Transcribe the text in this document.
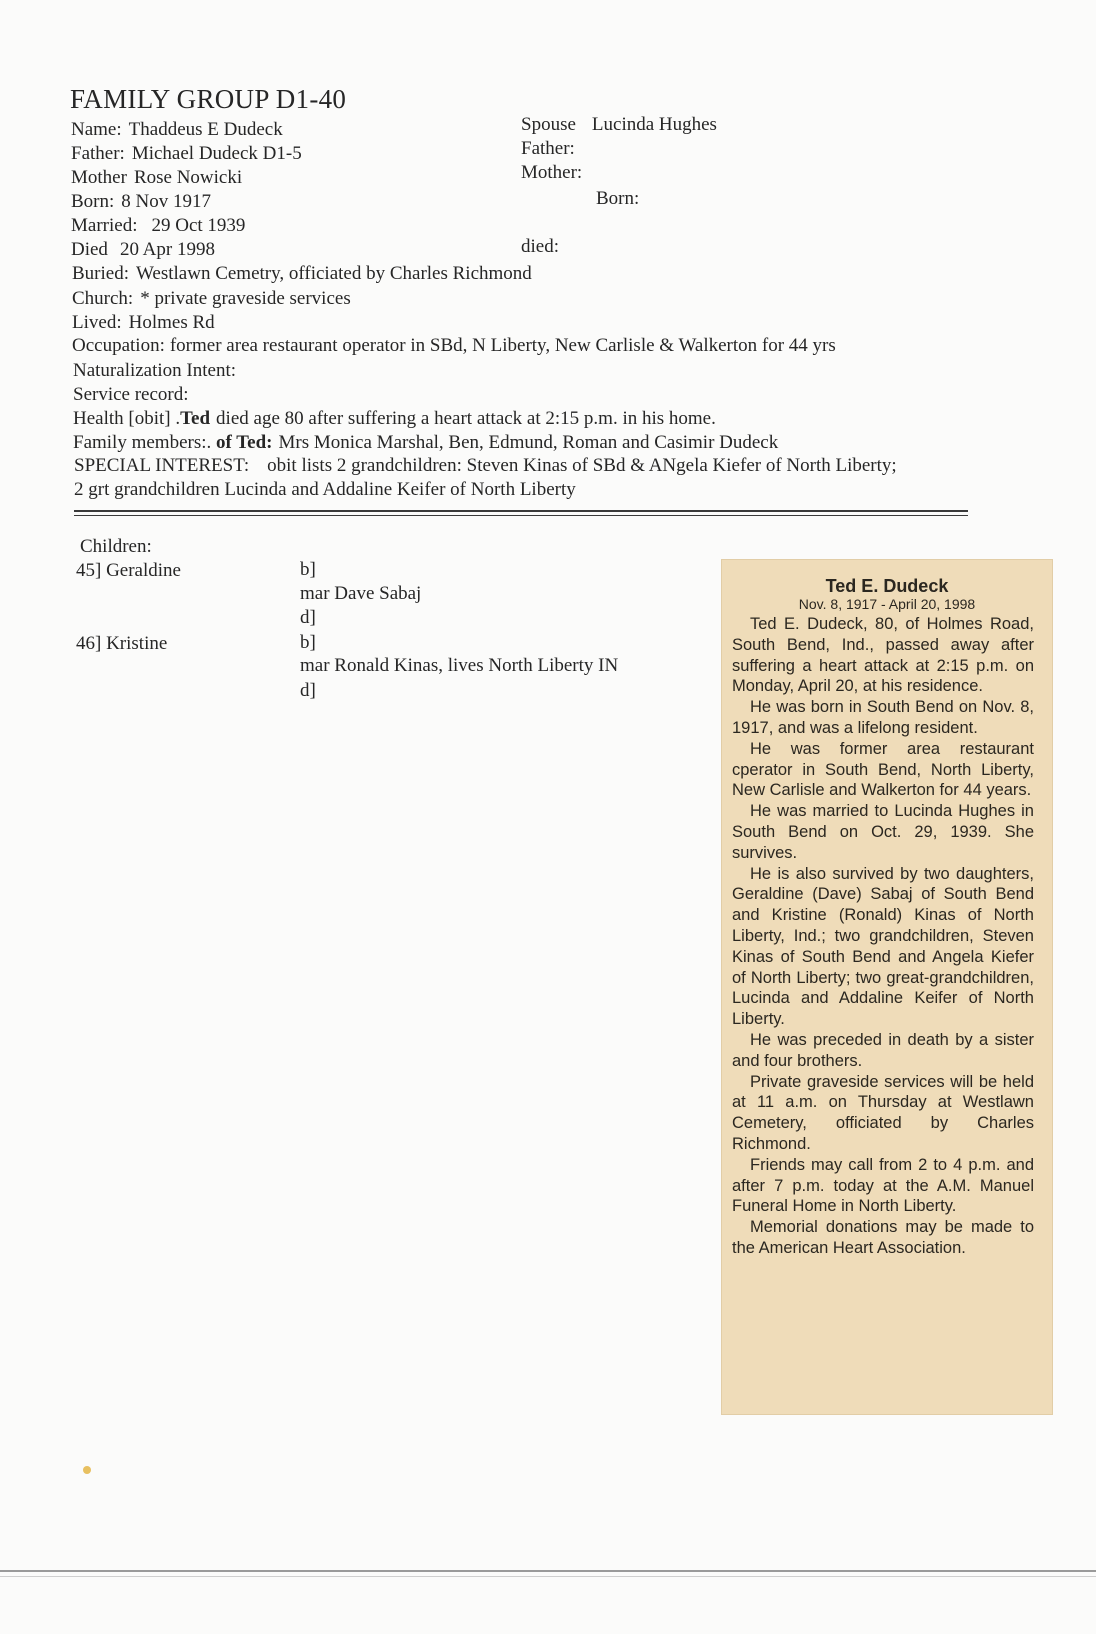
FAMILY GROUP D1-40
Name: Thaddeus E Dudeck
Father: Michael Dudeck D1-5
Mother Rose Nowicki
Born: 8 Nov 1917
Married: 29 Oct 1939
Died 20 Apr 1998
Spouse Lucinda Hughes
Father:
Mother:
Born:
died:
Buried: Westlawn Cemetry, officiated by Charles Richmond
Church: * private graveside services
Lived: Holmes Rd
Occupation: former area restaurant operator in SBd, N Liberty, New Carlisle & Walkerton for 44 yrs
Naturalization Intent:
Service record:
Health [obit] .Ted died age 80 after suffering a heart attack at 2:15 p.m. in his home.
Family members:. of Ted: Mrs Monica Marshal, Ben, Edmund, Roman and Casimir Dudeck
SPECIAL INTEREST: obit lists 2 grandchildren: Steven Kinas of SBd & ANgela Kiefer of North Liberty;
2 grt grandchildren Lucinda and Addaline Keifer of North Liberty
Children:
45] Geraldine	b]
mar Dave Sabaj
d]
46] Kristine	b]
mar Ronald Kinas, lives North Liberty IN
d]
Ted E. Dudeck
Nov. 8, 1917 - April 20, 1998

Ted E. Dudeck, 80, of Holmes Road, South Bend, Ind., passed away after suffering a heart attack at 2:15 p.m. on Monday, April 20, at his residence.

He was born in South Bend on Nov. 8, 1917, and was a lifelong resident.

He was former area restaurant cperator in South Bend, North Liberty, New Carlisle and Walkerton for 44 years.

He was married to Lucinda Hughes in South Bend on Oct. 29, 1939. She survives.

He is also survived by two daughters, Geraldine (Dave) Sabaj of South Bend and Kristine (Ronald) Kinas of North Liberty, Ind.; two grandchildren, Steven Kinas of South Bend and Angela Kiefer of North Liberty; two great-grandchildren, Lucinda and Addaline Keifer of North Liberty.

He was preceded in death by a sister and four brothers.

Private graveside services will be held at 11 a.m. on Thursday at Westlawn Cemetery, officiated by Charles Richmond.

Friends may call from 2 to 4 p.m. and after 7 p.m. today at the A.M. Manuel Funeral Home in North Liberty.

Memorial donations may be made to the American Heart Association.
